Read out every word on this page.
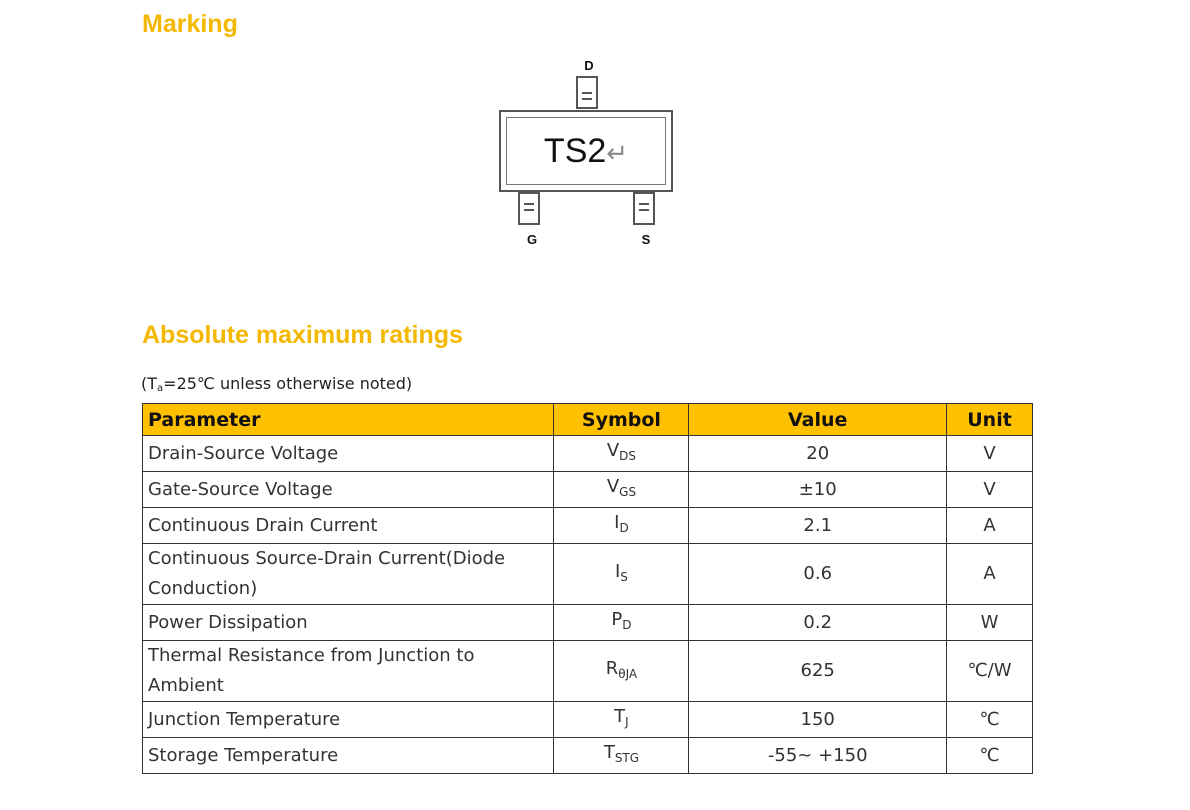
Marking
D
TS2↵
G	S
Absolute maximum ratings
($T_a=25℃$ unless otherwise noted)
Parameter	Symbol	Value	Unit
Drain-Source Voltage	$V_{DS}$	20	V
Gate-Source Voltage	$V_{GS}$	±10	V
Continuous Drain Current	$I_D$	2.1	A
Continuous Source-Drain Current(Diode Conduction)	$I_S$	0.6	A
Power Dissipation	$P_D$	0.2	W
Thermal Resistance from Junction to Ambient	$R_{\theta JA}$	625	℃/W
Junction Temperature	$T_J$	150	℃
Storage Temperature	$T_{STG}$	-55~ +150	℃
